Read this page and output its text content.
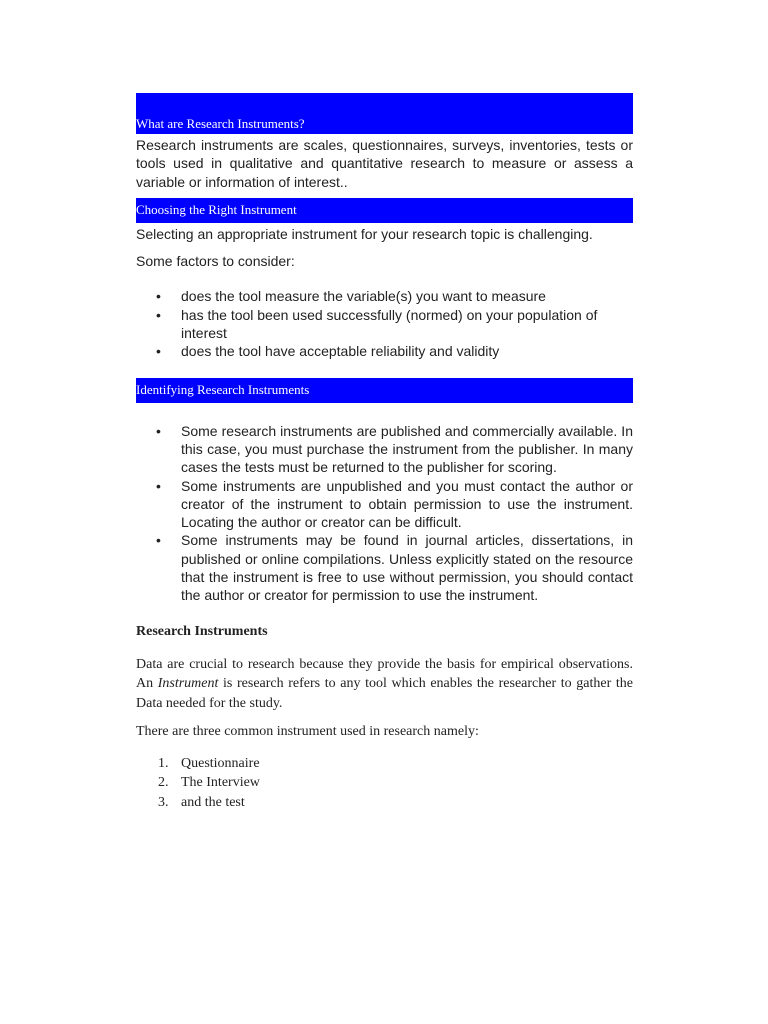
What are Research Instruments?

Research instruments are scales, questionnaires, surveys, inventories, tests or tools used in qualitative and quantitative research to measure or assess a variable or information of interest..

Choosing the Right Instrument

Selecting an appropriate instrument for your research topic is challenging.

Some factors to consider:

• does the tool measure the variable(s) you want to measure
• has the tool been used successfully (normed) on your population of interest
• does the tool have acceptable reliability and validity
Identifying Research Instruments
• Some research instruments are published and commercially available. In this case, you must purchase the instrument from the publisher. In many cases the tests must be returned to the publisher for scoring.
• Some instruments are unpublished and you must contact the author or creator of the instrument to obtain permission to use the instrument. Locating the author or creator can be difficult.
• Some instruments may be found in journal articles, dissertations, in published or online compilations. Unless explicitly stated on the resource that the instrument is free to use without permission, you should contact the author or creator for permission to use the instrument.

Research Instruments

Data are crucial to research because they provide the basis for empirical observations. An Instrument is research refers to any tool which enables the researcher to gather the Data needed for the study.

There are three common instrument used in research namely:

1. Questionnaire
2. The Interview
3. and the test
